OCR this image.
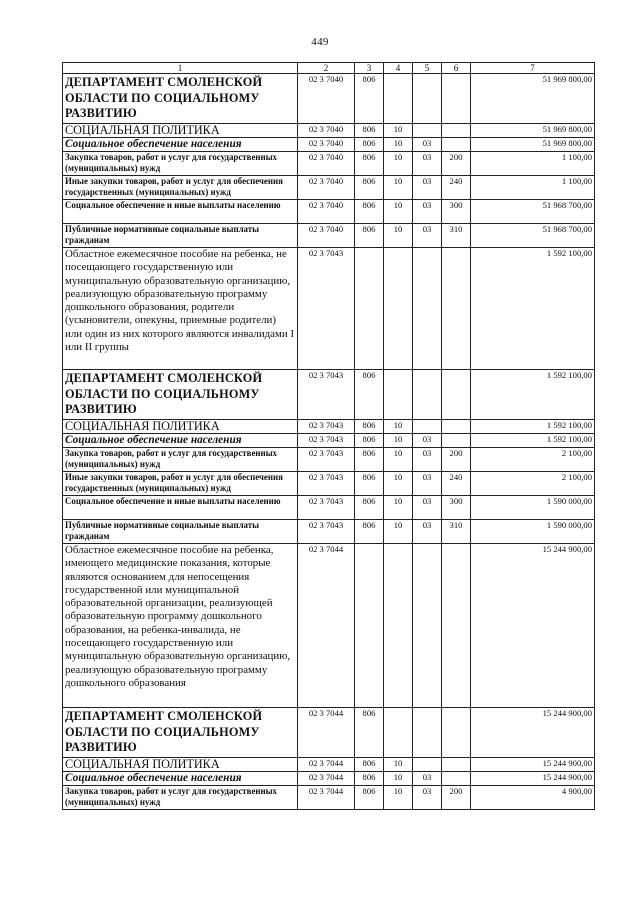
449
1	2	3	4	5	6	7
ДЕПАРТАМЕНТ СМОЛЕНСКОЙ ОБЛАСТИ ПО СОЦИАЛЬНОМУ РАЗВИТИЮ	02 3 7040	806				51 969 800,00
СОЦИАЛЬНАЯ ПОЛИТИКА	02 3 7040	806	10			51 969 800,00
Социальное обеспечение населения	02 3 7040	806	10	03		51 969 800,00
Закупка товаров, работ и услуг для государственных (муниципальных) нужд	02 3 7040	806	10	03	200	1 100,00
Иные закупки товаров, работ и услуг для обеспечения государственных (муниципальных) нужд	02 3 7040	806	10	03	240	1 100,00
Социальное обеспечение и иные выплаты населению	02 3 7040	806	10	03	300	51 968 700,00
Публичные нормативные социальные выплаты гражданам	02 3 7040	806	10	03	310	51 968 700,00
Областное ежемесячное пособие на ребенка, не посещающего государственную или муниципальную образовательную организацию, реализующую образовательную программу дошкольного образования, родители (усыновители, опекуны, приемные родители) или один из них которого являются инвалидами I или II группы	02 3 7043					1 592 100,00
ДЕПАРТАМЕНТ СМОЛЕНСКОЙ ОБЛАСТИ ПО СОЦИАЛЬНОМУ РАЗВИТИЮ	02 3 7043	806				1 592 100,00
СОЦИАЛЬНАЯ ПОЛИТИКА	02 3 7043	806	10			1 592 100,00
Социальное обеспечение населения	02 3 7043	806	10	03		1 592 100,00
Закупка товаров, работ и услуг для государственных (муниципальных) нужд	02 3 7043	806	10	03	200	2 100,00
Иные закупки товаров, работ и услуг для обеспечения государственных (муниципальных) нужд	02 3 7043	806	10	03	240	2 100,00
Социальное обеспечение и иные выплаты населению	02 3 7043	806	10	03	300	1 590 000,00
Публичные нормативные социальные выплаты гражданам	02 3 7043	806	10	03	310	1 590 000,00
Областное ежемесячное пособие на ребенка, имеющего медицинские показания, которые являются основанием для непосещения государственной или муниципальной образовательной организации, реализующей образовательную программу дошкольного образования, на ребенка-инвалида, не посещающего государственную или муниципальную образовательную организацию, реализующую образовательную программу дошкольного образования	02 3 7044					15 244 900,00
ДЕПАРТАМЕНТ СМОЛЕНСКОЙ ОБЛАСТИ ПО СОЦИАЛЬНОМУ РАЗВИТИЮ	02 3 7044	806				15 244 900,00
СОЦИАЛЬНАЯ ПОЛИТИКА	02 3 7044	806	10			15 244 900,00
Социальное обеспечение населения	02 3 7044	806	10	03		15 244 900,00
Закупка товаров, работ и услуг для государственных (муниципальных) нужд	02 3 7044	806	10	03	200	4 900,00
